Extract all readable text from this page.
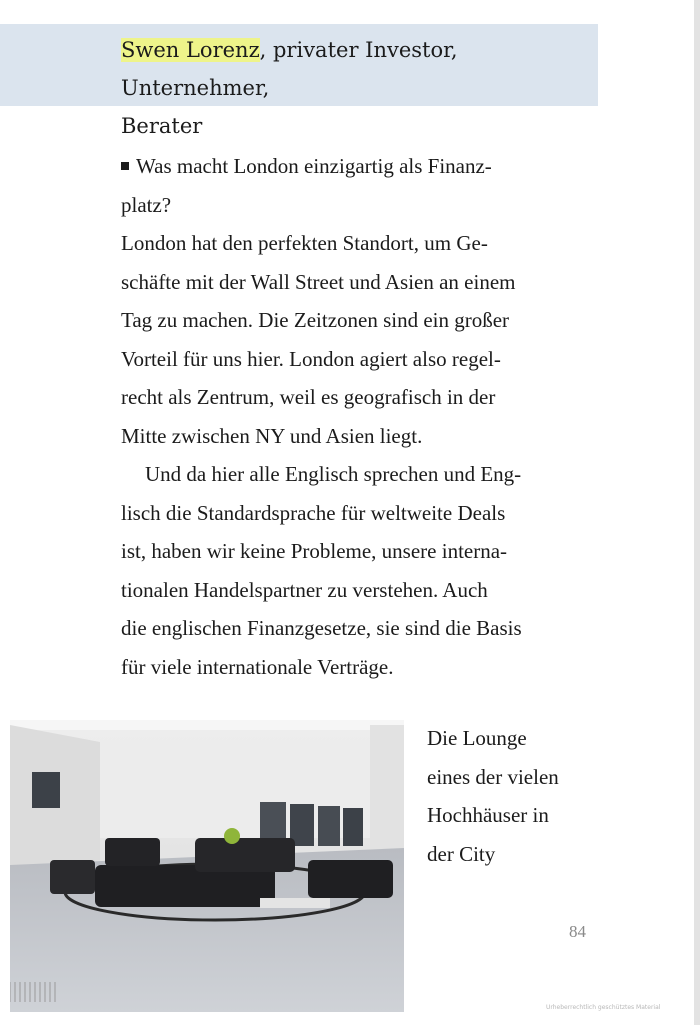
Swen Lorenz, privater Investor, Unternehmer,
Berater

Was macht London einzigartig als Finanz-
platz?

London hat den perfekten Standort, um Ge-
schäfte mit der Wall Street und Asien an einem
Tag zu machen. Die Zeitzonen sind ein großer
Vorteil für uns hier. London agiert also regel-
recht als Zentrum, weil es geografisch in der
Mitte zwischen NY und Asien liegt.

Und da hier alle Englisch sprechen und Eng-
lisch die Standardsprache für weltweite Deals
ist, haben wir keine Probleme, unsere interna-
tionalen Handelspartner zu verstehen. Auch
die englischen Finanzgesetze, sie sind die Basis
für viele internationale Verträge.

Die Lounge
eines der vielen
Hochhäuser in
der City
84
Urheberrechtlich geschütztes Material
